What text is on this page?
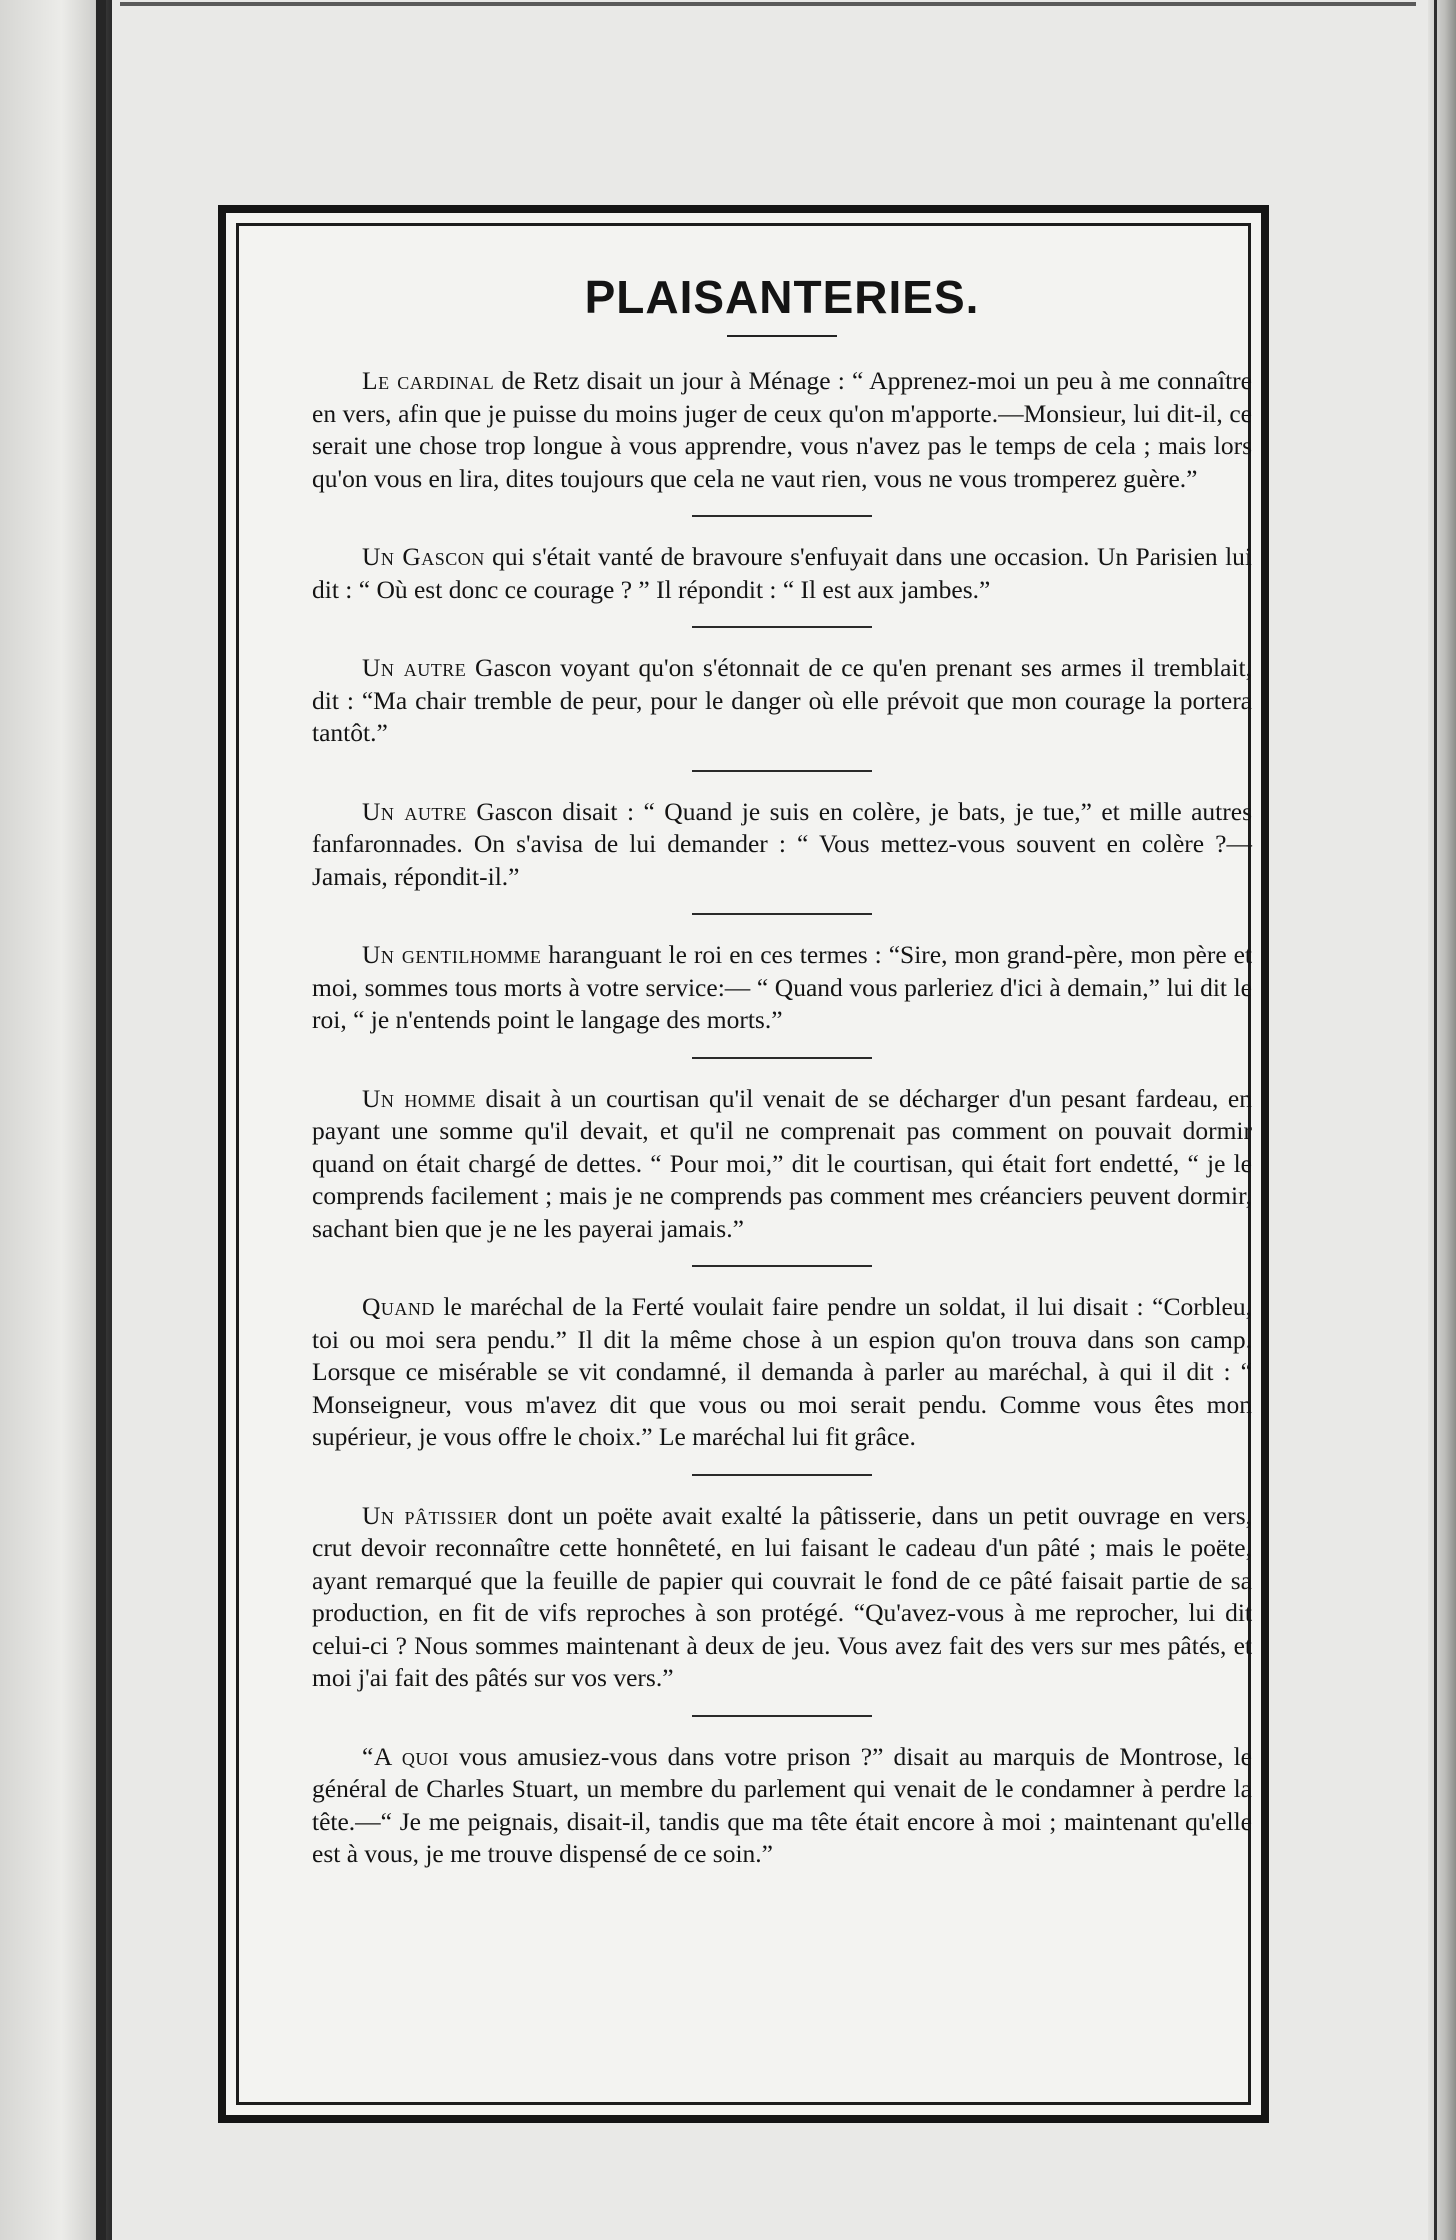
PLAISANTERIES.

Le cardinal de Retz disait un jour à Ménage : “ Apprenez-moi un peu à me connaître en vers, afin que je puisse du moins juger de ceux qu'on m'apporte.—Monsieur, lui dit-il, ce serait une chose trop longue à vous apprendre, vous n'avez pas le temps de cela ; mais lors qu'on vous en lira, dites toujours que cela ne vaut rien, vous ne vous tromperez guère.”

Un Gascon qui s'était vanté de bravoure s'enfuyait dans une occasion. Un Parisien lui dit : “ Où est donc ce courage ? ” Il répondit : “ Il est aux jambes.”

Un autre Gascon voyant qu'on s'étonnait de ce qu'en prenant ses armes il tremblait, dit : “Ma chair tremble de peur, pour le danger où elle prévoit que mon courage la portera tantôt.”

Un autre Gascon disait : “ Quand je suis en colère, je bats, je tue,” et mille autres fanfaronnades. On s'avisa de lui demander : “ Vous mettez-vous souvent en colère ?—Jamais, répondit-il.”

Un gentilhomme haranguant le roi en ces termes : “Sire, mon grand-père, mon père et moi, sommes tous morts à votre service:— “ Quand vous parleriez d'ici à demain,” lui dit le roi, “ je n'entends point le langage des morts.”

Un homme disait à un courtisan qu'il venait de se décharger d'un pesant fardeau, en payant une somme qu'il devait, et qu'il ne comprenait pas comment on pouvait dormir quand on était chargé de dettes. “ Pour moi,” dit le courtisan, qui était fort endetté, “ je le comprends facilement ; mais je ne comprends pas comment mes créanciers peuvent dormir, sachant bien que je ne les payerai jamais.”

Quand le maréchal de la Ferté voulait faire pendre un soldat, il lui disait : “Corbleu, toi ou moi sera pendu.” Il dit la même chose à un espion qu'on trouva dans son camp. Lorsque ce misérable se vit condamné, il demanda à parler au maréchal, à qui il dit : “ Monseigneur, vous m'avez dit que vous ou moi serait pendu. Comme vous êtes mon supérieur, je vous offre le choix.” Le maréchal lui fit grâce.

Un pâtissier dont un poëte avait exalté la pâtisserie, dans un petit ouvrage en vers, crut devoir reconnaître cette honnêteté, en lui faisant le cadeau d'un pâté ; mais le poëte, ayant remarqué que la feuille de papier qui couvrait le fond de ce pâté faisait partie de sa production, en fit de vifs reproches à son protégé. “Qu'avez-vous à me reprocher, lui dit celui-ci ? Nous sommes maintenant à deux de jeu. Vous avez fait des vers sur mes pâtés, et moi j'ai fait des pâtés sur vos vers.”

“A quoi vous amusiez-vous dans votre prison ?” disait au marquis de Montrose, le général de Charles Stuart, un membre du parlement qui venait de le condamner à perdre la tête.—“ Je me peignais, disait-il, tandis que ma tête était encore à moi ; maintenant qu'elle est à vous, je me trouve dispensé de ce soin.”
